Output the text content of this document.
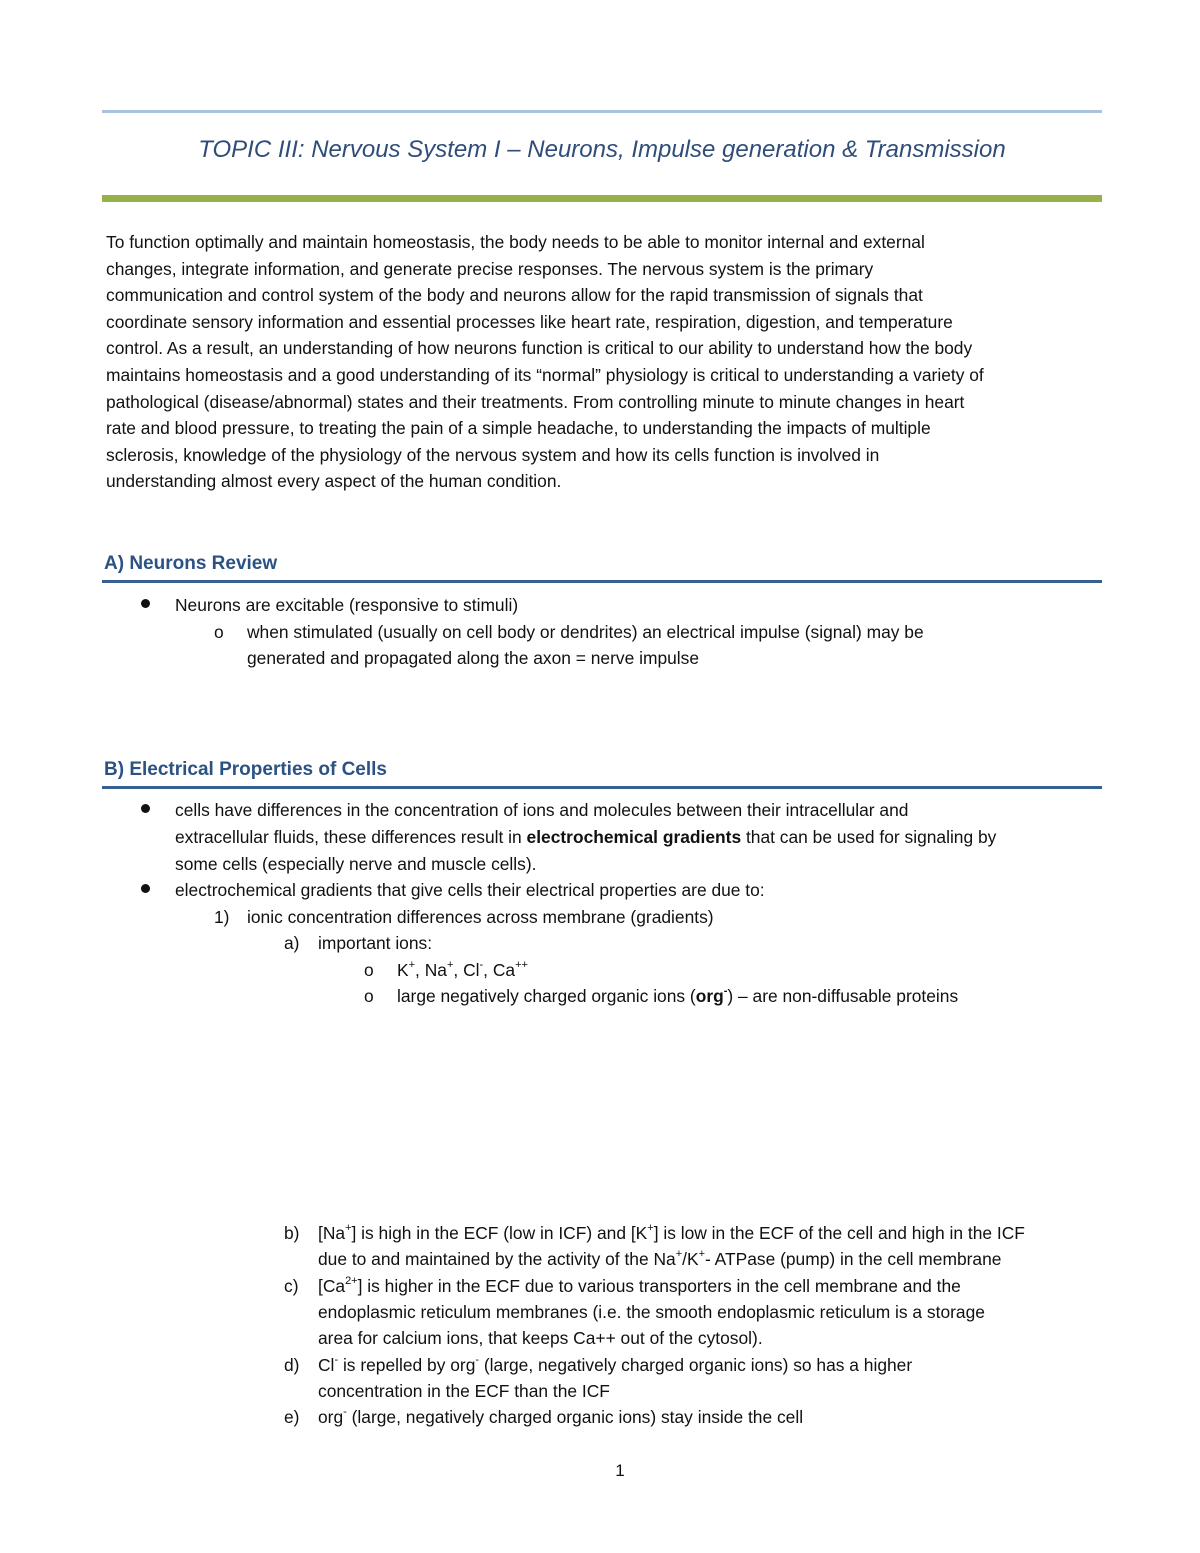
TOPIC III: Nervous System I – Neurons, Impulse generation & Transmission
To function optimally and maintain homeostasis, the body needs to be able to monitor internal and external
changes, integrate information, and generate precise responses. The nervous system is the primary
communication and control system of the body and neurons allow for the rapid transmission of signals that
coordinate sensory information and essential processes like heart rate, respiration, digestion, and temperature
control. As a result, an understanding of how neurons function is critical to our ability to understand how the body
maintains homeostasis and a good understanding of its “normal” physiology is critical to understanding a variety of
pathological (disease/abnormal) states and their treatments. From controlling minute to minute changes in heart
rate and blood pressure, to treating the pain of a simple headache, to understanding the impacts of multiple
sclerosis, knowledge of the physiology of the nervous system and how its cells function is involved in
understanding almost every aspect of the human condition.
A) Neurons Review
Neurons are excitable (responsive to stimuli)
o when stimulated (usually on cell body or dendrites) an electrical impulse (signal) may be
generated and propagated along the axon = nerve impulse
B) Electrical Properties of Cells
cells have differences in the concentration of ions and molecules between their intracellular and
extracellular fluids, these differences result in electrochemical gradients that can be used for signaling by
some cells (especially nerve and muscle cells).
electrochemical gradients that give cells their electrical properties are due to:
1) ionic concentration differences across membrane (gradients)
a) important ions:
o K+, Na+, Cl-, Ca++
o large negatively charged organic ions (org-) – are non-diffusable proteins
b) [Na+] is high in the ECF (low in ICF) and [K+] is low in the ECF of the cell and high in the ICF
due to and maintained by the activity of the Na+/K+- ATPase (pump) in the cell membrane
c) $[Ca^{2+}]$ is higher in the ECF due to various transporters in the cell membrane and the
endoplasmic reticulum membranes (i.e. the smooth endoplasmic reticulum is a storage
area for calcium ions, that keeps Ca++ out of the cytosol).
d) Cl- is repelled by org- (large, negatively charged organic ions) so has a higher
concentration in the ECF than the ICF
e) org- (large, negatively charged organic ions) stay inside the cell
1
